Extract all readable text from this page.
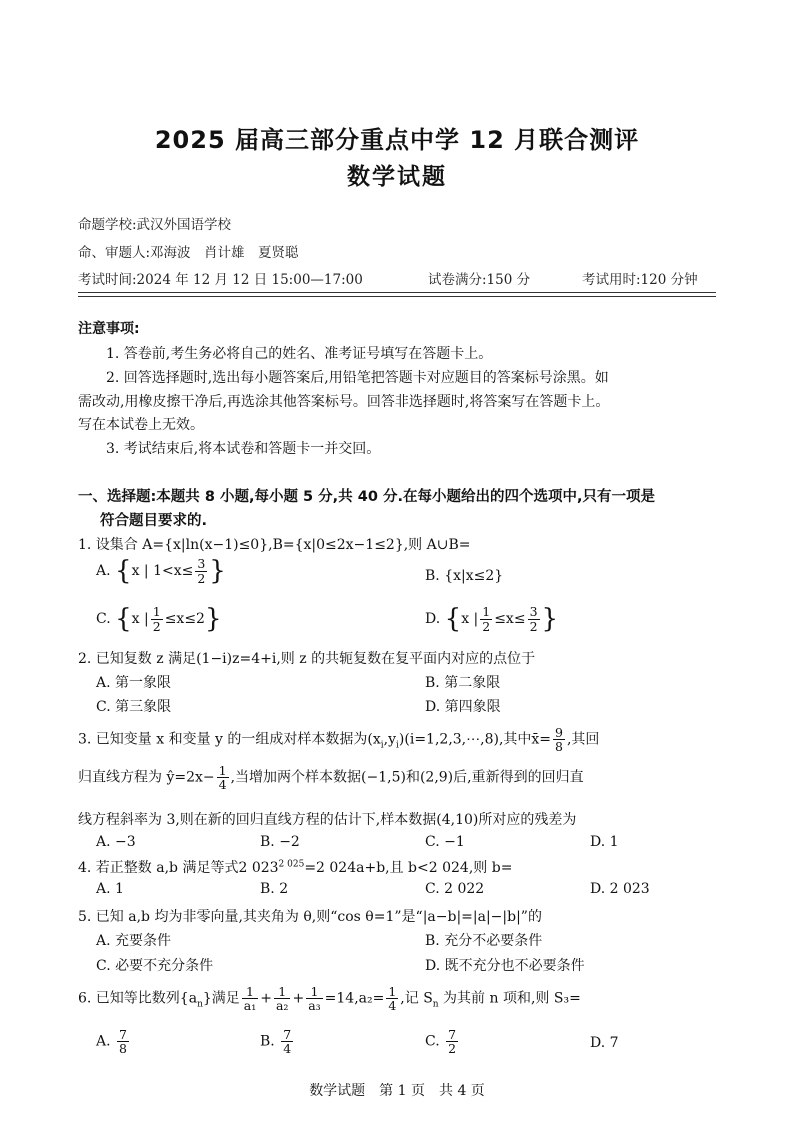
2025 届高三部分重点中学 12 月联合测评
数学试题
命题学校:武汉外国语学校
命、审题人:邓海波　肖计雄　夏贤聪
考试时间:2024 年 12 月 12 日 15:00—17:00	试卷满分:150 分	考试用时:120 分钟
注意事项:
1. 答卷前,考生务必将自己的姓名、准考证号填写在答题卡上。
2. 回答选择题时,选出每小题答案后,用铅笔把答题卡对应题目的答案标号涂黑。如
需改动,用橡皮擦干净后,再选涂其他答案标号。回答非选择题时,将答案写在答题卡上。
写在本试卷上无效。
3. 考试结束后,将本试卷和答题卡一并交回。
一、选择题:本题共 8 小题,每小题 5 分,共 40 分.在每小题给出的四个选项中,只有一项是
符合题目要求的.
1. 设集合 A={x|ln(x−1)≤0},B={x|0≤2x−1≤2},则 A∪B=
A. {x | $1<x\le \frac{3}{2}$ }	B. {x|x≤2}
C. {x | $\frac{1}{2} \le x\le 2$}	D. {x | $\frac{1}{2} \le x\le \frac{3}{2}$ }
2. 已知复数 z 满足(1−i)z=4+i,则 z 的共轭复数在复平面内对应的点位于
A. 第一象限	B. 第二象限
C. 第三象限	D. 第四象限
3. 已知变量 x 和变量 y 的一组成对样本数据为$(x_i,y_i)(i=1,2,3,\cdots,8)$,其中x̄= $\frac{9}{8}$ ,其回
归直线方程为 ŷ=2x− $\frac{1}{4}$ ,当增加两个样本数据(−1,5)和(2,9)后,重新得到的回归直
线方程斜率为 3,则在新的回归直线方程的估计下,样本数据(4,10)所对应的残差为
A. −3	B. −2	C. −1	D. 1
4. 若正整数 a,b 满足等式2 $023^{2 025}=2$ 024a+b,且 b<2 024,则 b=
A. 1	B. 2	C. 2 022	D. 2 023
5. 已知 a,b 均为非零向量,其夹角为 θ,则“cos θ=1”是“|a−b|=|a|−|b|”的
A. 充要条件	B. 充分不必要条件
C. 必要不充分条件	D. 既不充分也不必要条件
6. 已知等比数列$\{a_n\}$满足 $\frac{1}{\text{a₁}} + \frac{1}{\text{a₂}} + \frac{1}{\text{a₃}} =14,a_2= \frac{1}{4}$ ,记 $S_n$ 为其前 n 项和,则 S₃=
A. $\frac{7}{8}$	B. $\frac{7}{4}$	C. $\frac{7}{2}$	D. 7
数学试题　第 1 页　共 4 页
